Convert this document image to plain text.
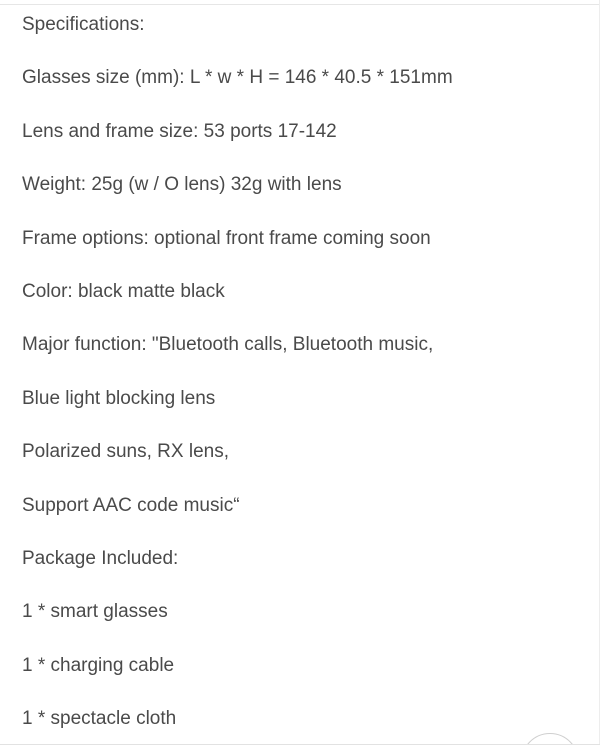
Specifications:
Glasses size (mm): L * w * H = 146 * 40.5 * 151mm
Lens and frame size: 53 ports 17-142
Weight: 25g (w / O lens) 32g with lens
Frame options: optional front frame coming soon
Color: black matte black
Major function: "Bluetooth calls, Bluetooth music,
Blue light blocking lens
Polarized suns, RX lens,
Support AAC code music“
Package Included:
1 * smart glasses
1 * charging cable
1 * spectacle cloth
